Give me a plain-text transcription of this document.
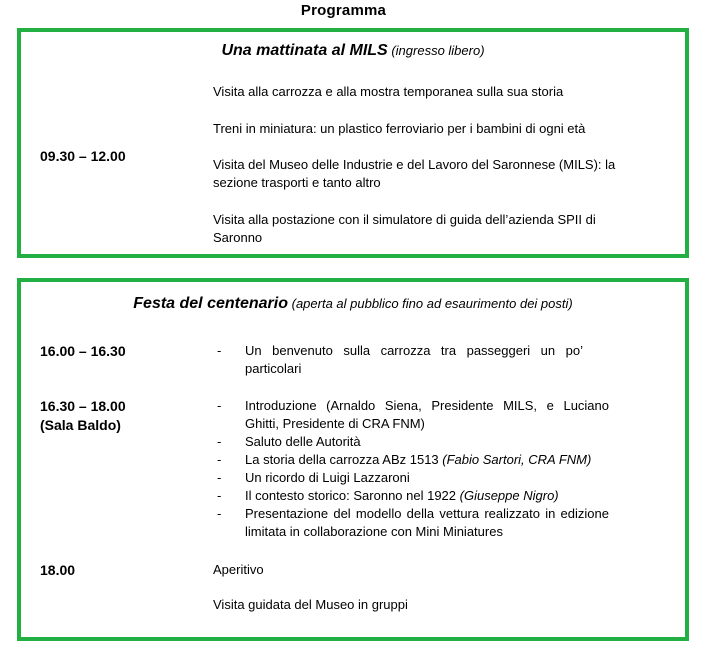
Programma
Una mattinata al MILS (ingresso libero)
09.30 – 12.00
Visita alla carrozza e alla mostra temporanea sulla sua storia
Treni in miniatura: un plastico ferroviario per i bambini di ogni età
Visita del Museo delle Industrie e del Lavoro del Saronnese (MILS): la sezione trasporti e tanto altro
Visita alla postazione con il simulatore di guida dell’azienda SPII di Saronno
Festa del centenario (aperta al pubblico fino ad esaurimento dei posti)
16.00 – 16.30
-	Un benvenuto sulla carrozza tra passeggeri un po’ particolari
16.30 – 18.00
(Sala Baldo)
- Introduzione (Arnaldo Siena, Presidente MILS, e Luciano Ghitti, Presidente di CRA FNM)
- Saluto delle Autorità
- La storia della carrozza ABz 1513 (Fabio Sartori, CRA FNM)
- Un ricordo di Luigi Lazzaroni
- Il contesto storico: Saronno nel 1922 (Giuseppe Nigro)
- Presentazione del modello della vettura realizzato in edizione limitata in collaborazione con Mini Miniatures
18.00	Aperitivo
Visita guidata del Museo in gruppi
